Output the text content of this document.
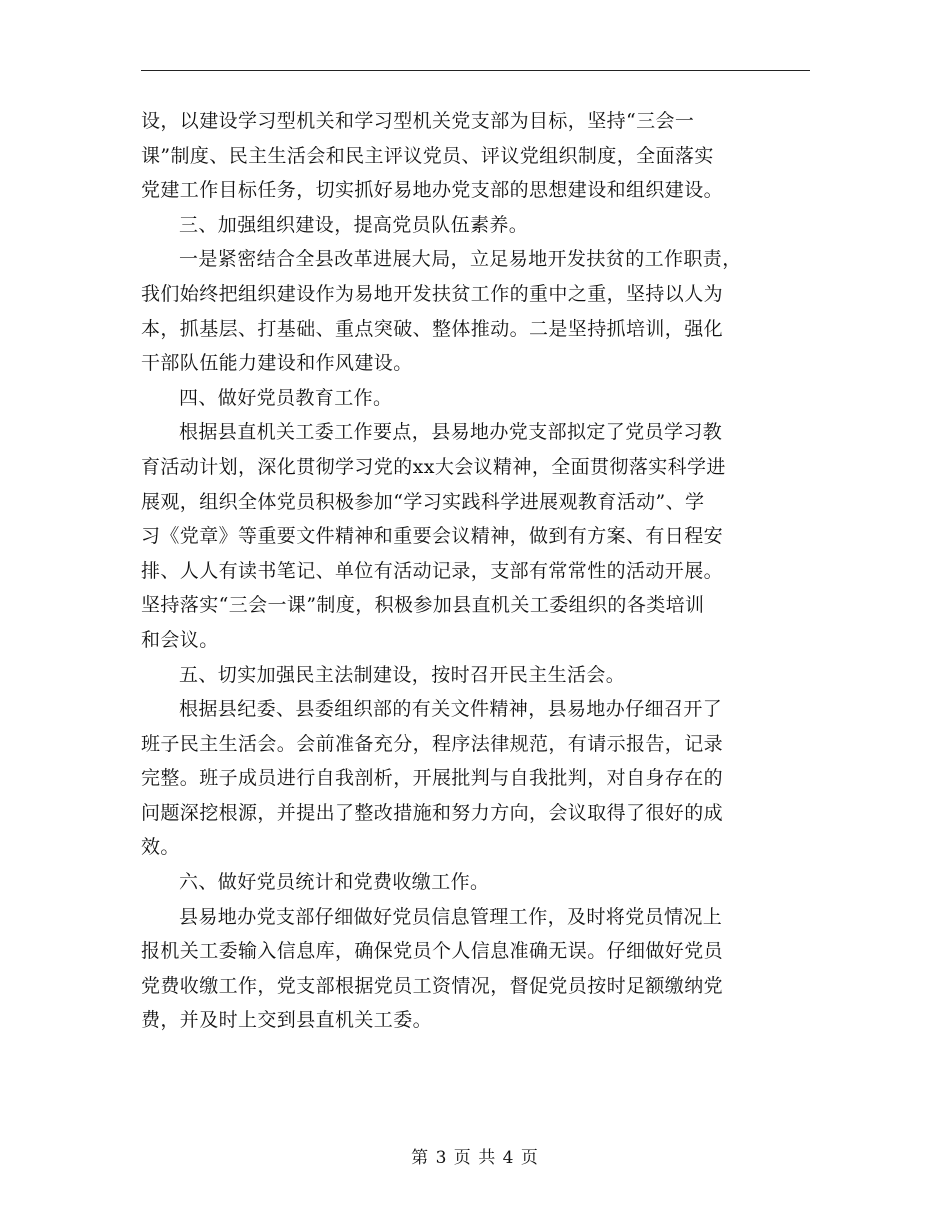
设，以建设学习型机关和学习型机关党支部为目标，坚持“三会一
课”制度、民主生活会和民主评议党员、评议党组织制度，全面落实
党建工作目标任务，切实抓好易地办党支部的思想建设和组织建设。
三、加强组织建设，提高党员队伍素养。
一是紧密结合全县改革进展大局，立足易地开发扶贫的工作职责，
我们始终把组织建设作为易地开发扶贫工作的重中之重，坚持以人为
本，抓基层、打基础、重点突破、整体推动。二是坚持抓培训，强化
干部队伍能力建设和作风建设。
四、做好党员教育工作。
根据县直机关工委工作要点，县易地办党支部拟定了党员学习教
育活动计划，深化贯彻学习党的xx大会议精神，全面贯彻落实科学进
展观，组织全体党员积极参加“学习实践科学进展观教育活动”、学
习《党章》等重要文件精神和重要会议精神，做到有方案、有日程安
排、人人有读书笔记、单位有活动记录，支部有常常性的活动开展。
坚持落实“三会一课”制度，积极参加县直机关工委组织的各类培训
和会议。
五、切实加强民主法制建设，按时召开民主生活会。
根据县纪委、县委组织部的有关文件精神，县易地办仔细召开了
班子民主生活会。会前准备充分，程序法律规范，有请示报告，记录
完整。班子成员进行自我剖析，开展批判与自我批判，对自身存在的
问题深挖根源，并提出了整改措施和努力方向，会议取得了很好的成
效。
六、做好党员统计和党费收缴工作。
县易地办党支部仔细做好党员信息管理工作，及时将党员情况上
报机关工委输入信息库，确保党员个人信息准确无误。仔细做好党员
党费收缴工作，党支部根据党员工资情况，督促党员按时足额缴纳党
费，并及时上交到县直机关工委。
第 3 页 共 4 页
